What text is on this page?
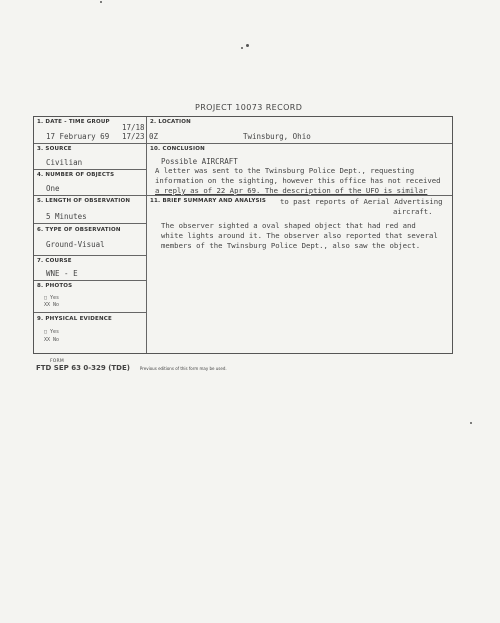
PROJECT 10073 RECORD
1. DATE - TIME GROUP
17 February 69
17/18
17/23
2. LOCATION
0Z	Twinsburg, Ohio
3. SOURCE
Civilian
10. CONCLUSION
Possible AIRCRAFT
4. NUMBER OF OBJECTS
One

A letter was sent to the Twinsburg Police Dept., requesting

information on the sighting, however this office has not received

a reply as of 22 Apr 69. The description of the UFO is similar

5. LENGTH OF OBSERVATION
5 Minutes
6. TYPE OF OBSERVATION
Ground-Visual
11. BRIEF SUMMARY AND ANALYSIS to past reports of Aerial Advertising
aircraft.

The observer sighted a oval shaped object that had red and

white lights around it. The observer also reported that several

members of the Twinsburg Police Dept., also saw the object.

7. COURSE
WNE - E
8. PHOTOS
□ Yes
XX No
9. PHYSICAL EVIDENCE
□ Yes
XX No
FORM
FTD SEP 63 0-329 (TDE) Previous editions of this form may be used.
